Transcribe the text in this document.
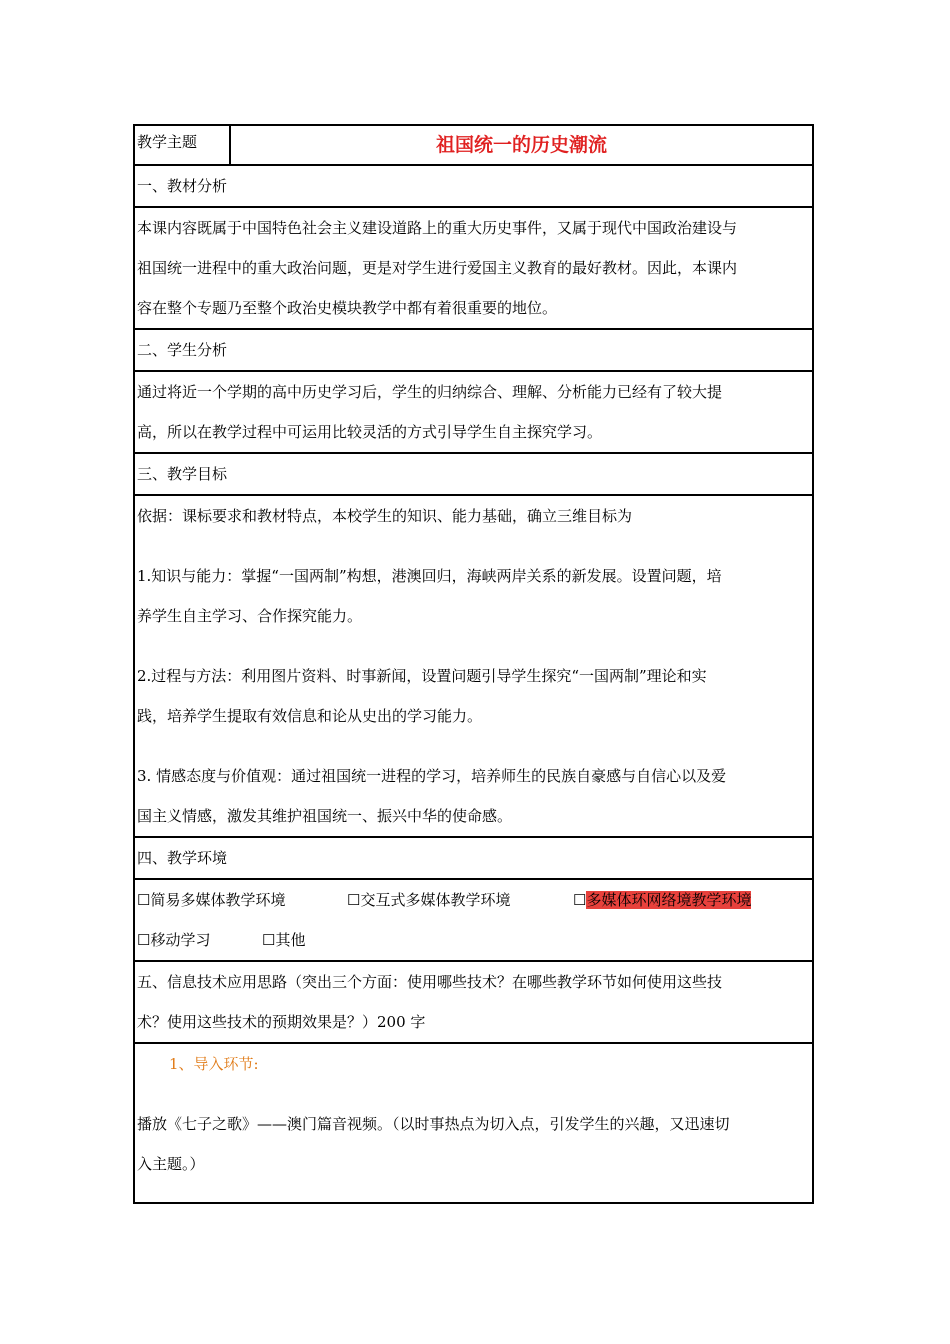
教学主题	祖国统一的历史潮流
一、教材分析

本课内容既属于中国特色社会主义建设道路上的重大历史事件，又属于现代中国政治建设与

祖国统一进程中的重大政治问题，更是对学生进行爱国主义教育的最好教材。因此，本课内

容在整个专题乃至整个政治史模块教学中都有着很重要的地位。

二、学生分析

通过将近一个学期的高中历史学习后，学生的归纳综合、理解、分析能力已经有了较大提

高，所以在教学过程中可运用比较灵活的方式引导学生自主探究学习。

三、教学目标

依据：课标要求和教材特点，本校学生的知识、能力基础，确立三维目标为

1.知识与能力：掌握“一国两制”构想，港澳回归，海峡两岸关系的新发展。设置问题，培

养学生自主学习、合作探究能力。

2.过程与方法：利用图片资料、时事新闻，设置问题引导学生探究“一国两制”理论和实

践，培养学生提取有效信息和论从史出的学习能力。

3. 情感态度与价值观：通过祖国统一进程的学习，培养师生的民族自豪感与自信心以及爱

国主义情感，激发其维护祖国统一、振兴中华的使命感。

四、教学环境

☐简易多媒体教学环境	☐交互式多媒体教学环境	☐多媒体环网络境教学环境

☐移动学习	☐其他

五、信息技术应用思路（突出三个方面：使用哪些技术？在哪些教学环节如何使用这些技

术？使用这些技术的预期效果是？）200 字

1、导入环节:

播放《七子之歌》——澳门篇音视频。（以时事热点为切入点，引发学生的兴趣，又迅速切

入主题。）
